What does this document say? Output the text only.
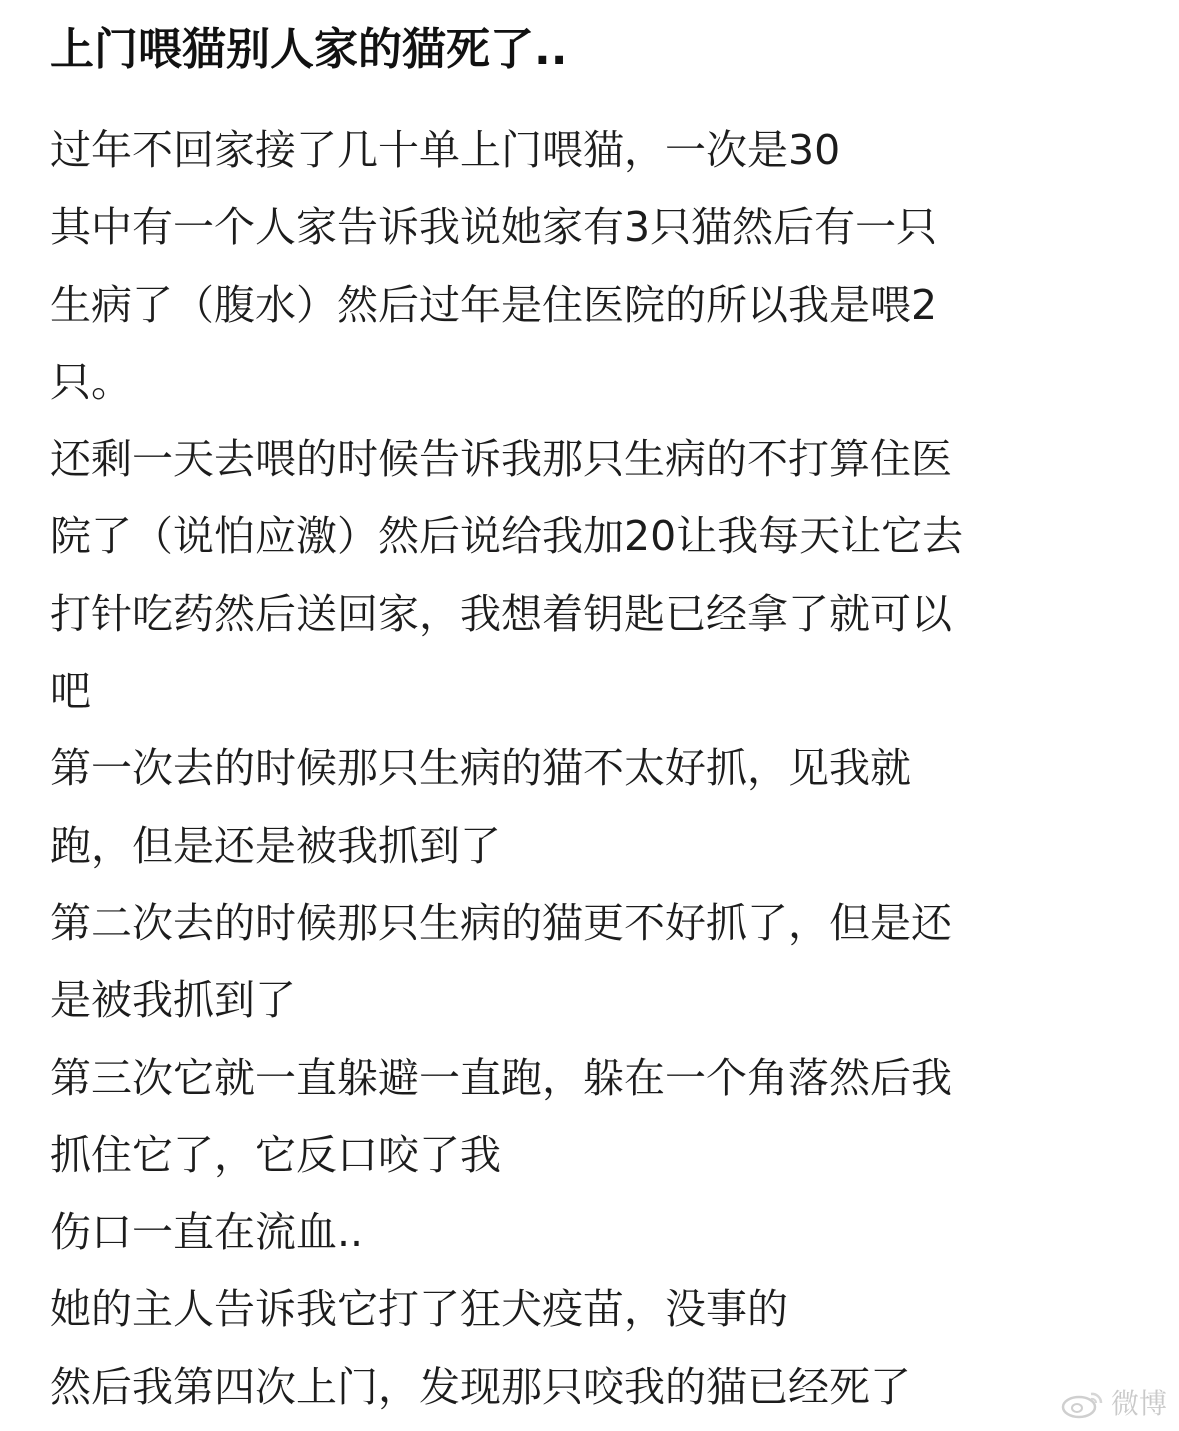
上门喂猫别人家的猫死了..
过年不回家接了几十单上门喂猫，一次是30
其中有一个人家告诉我说她家有3只猫然后有一只
生病了（腹水）然后过年是住医院的所以我是喂2
只。
还剩一天去喂的时候告诉我那只生病的不打算住医
院了（说怕应激）然后说给我加20让我每天让它去
打针吃药然后送回家，我想着钥匙已经拿了就可以
吧
第一次去的时候那只生病的猫不太好抓，见我就
跑，但是还是被我抓到了
第二次去的时候那只生病的猫更不好抓了，但是还
是被我抓到了
第三次它就一直躲避一直跑，躲在一个角落然后我
抓住它了，它反口咬了我
伤口一直在流血..
她的主人告诉我它打了狂犬疫苗，没事的
然后我第四次上门，发现那只咬我的猫已经死了	微博
